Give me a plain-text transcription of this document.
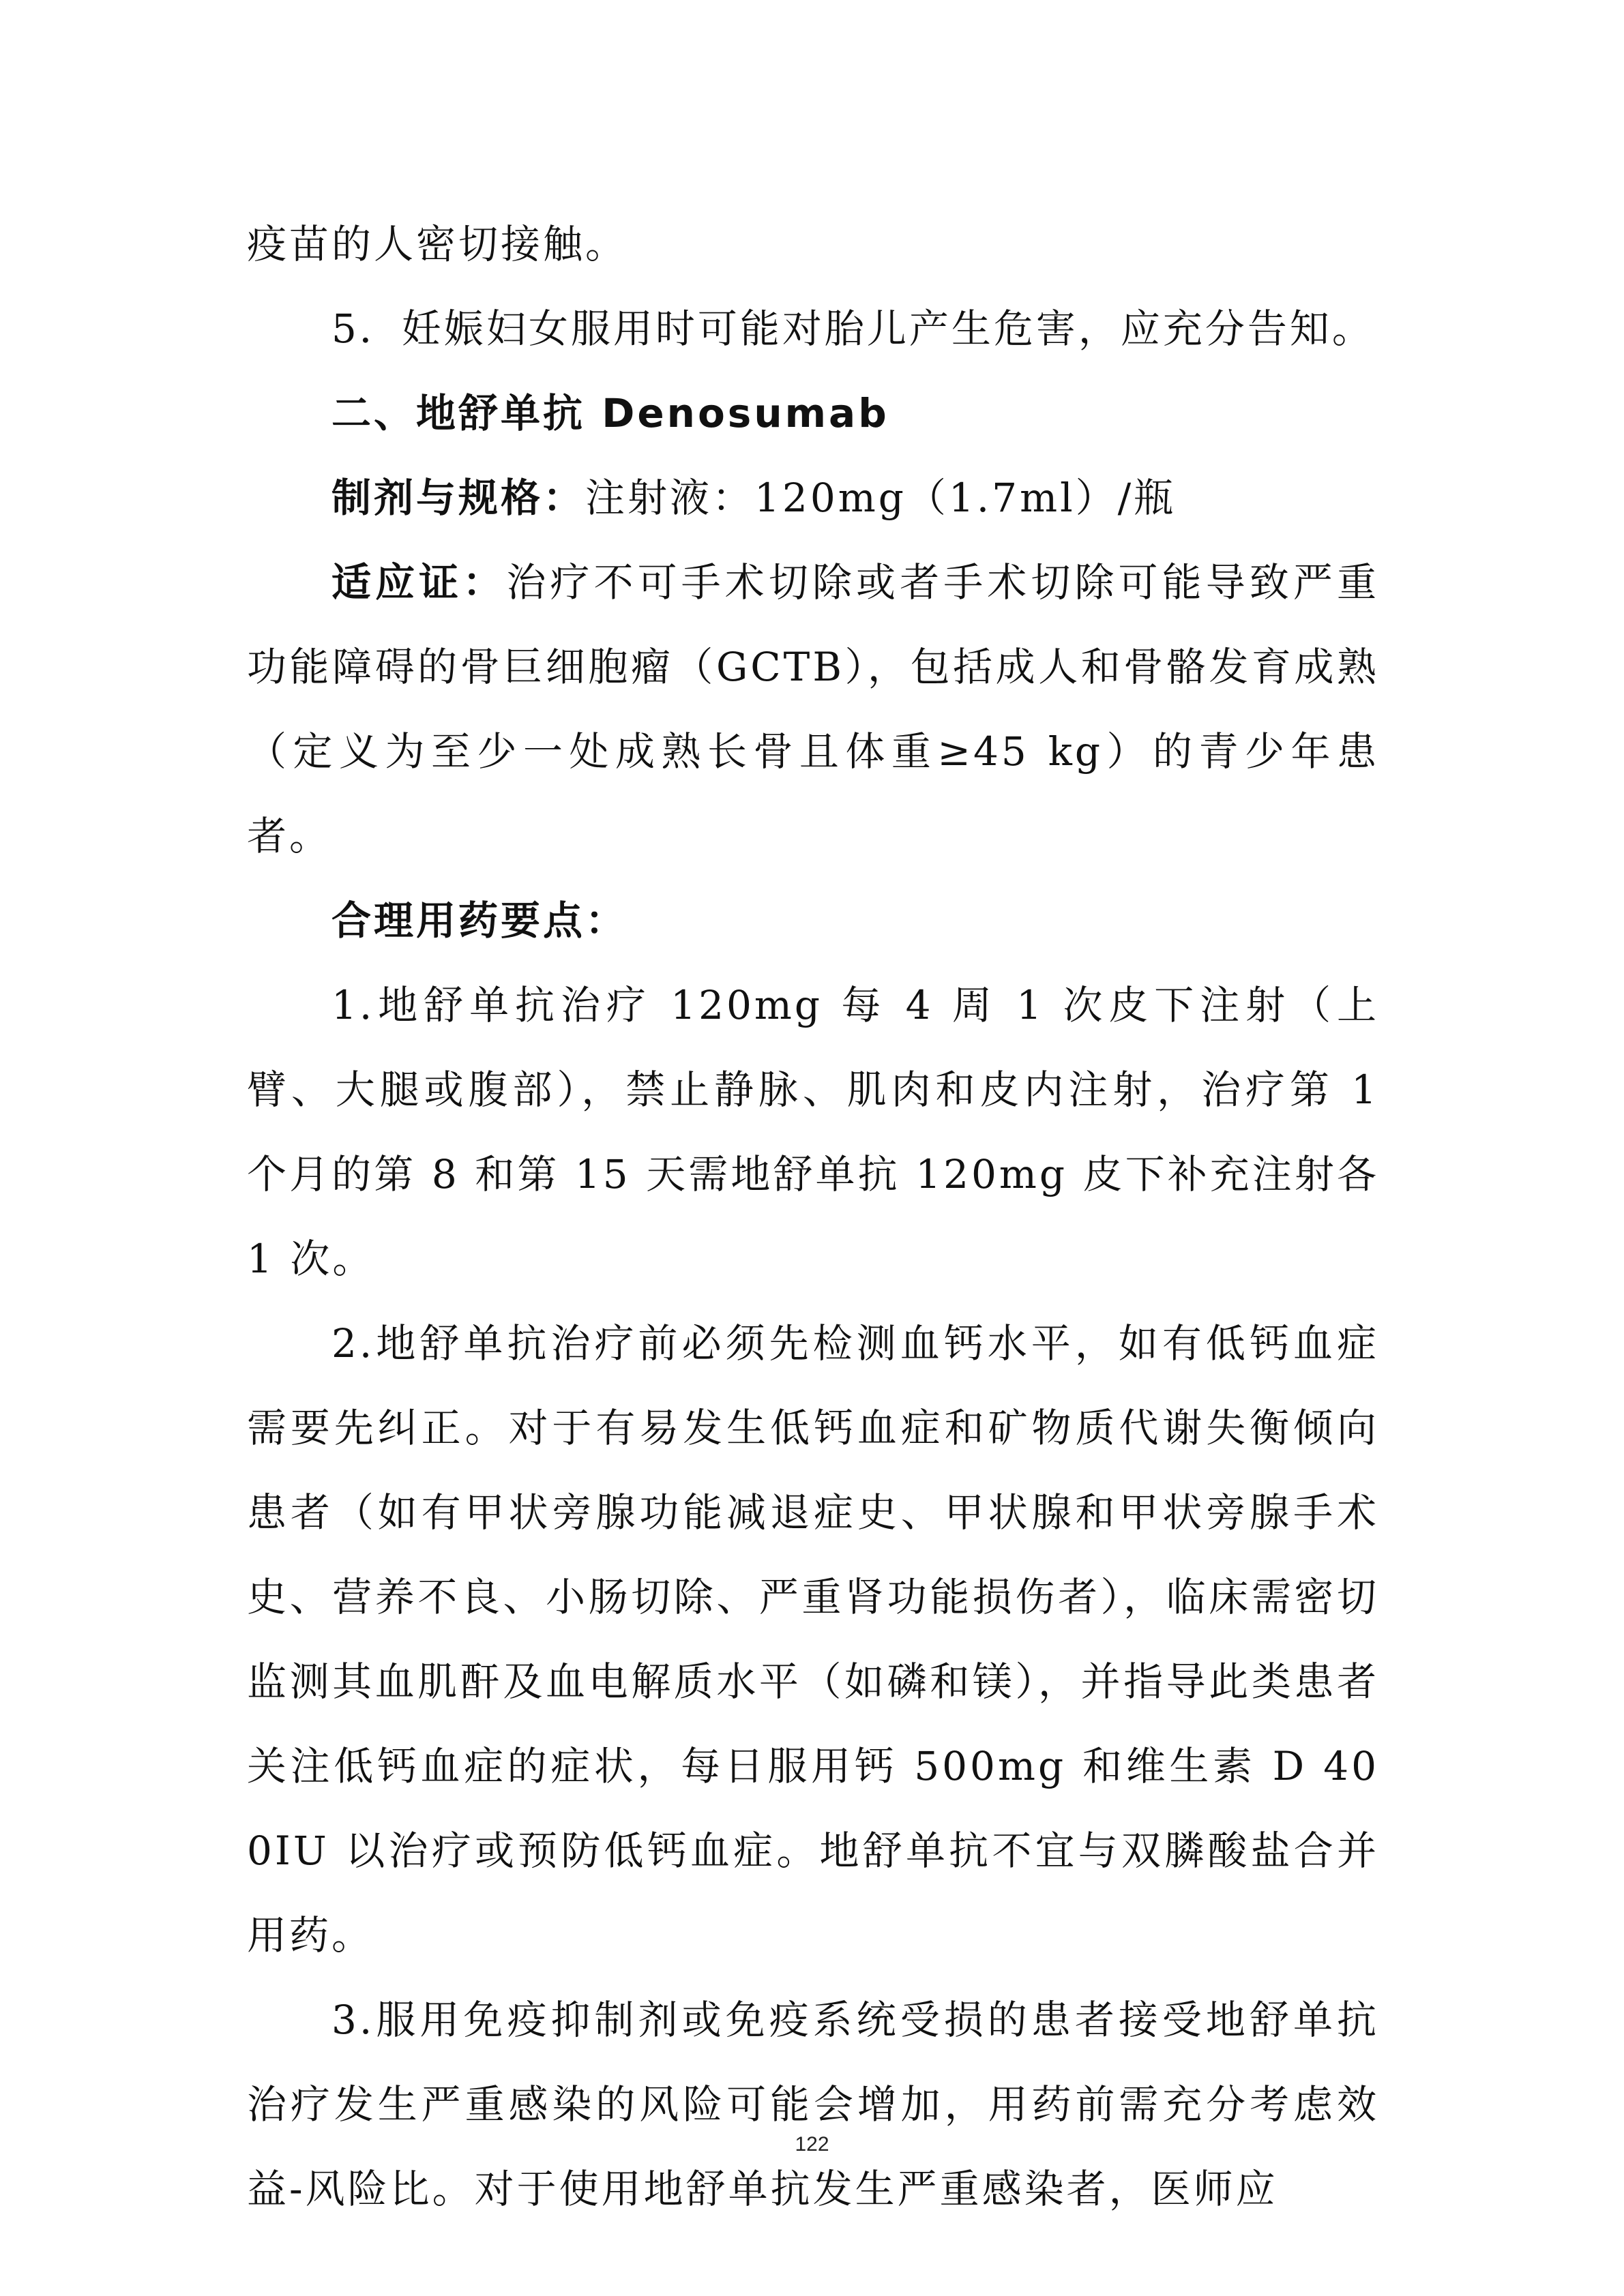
疫苗的人密切接触。

5．妊娠妇女服用时可能对胎儿产生危害，应充分告知。

二、地舒单抗 Denosumab

制剂与规格：注射液：120mg（1.7ml）/瓶

适应证：治疗不可手术切除或者手术切除可能导致严重功能障碍的骨巨细胞瘤（GCTB），包括成人和骨骼发育成熟（定义为至少一处成熟长骨且体重≥45 kg）的青少年患者。

合理用药要点：

1.地舒单抗治疗 120mg 每 4 周 1 次皮下注射（上臂、大腿或腹部），禁止静脉、肌肉和皮内注射，治疗第 1 个月的第 8 和第 15 天需地舒单抗 120mg 皮下补充注射各 1 次。

2.地舒单抗治疗前必须先检测血钙水平，如有低钙血症需要先纠正。对于有易发生低钙血症和矿物质代谢失衡倾向患者（如有甲状旁腺功能减退症史、甲状腺和甲状旁腺手术史、营养不良、小肠切除、严重肾功能损伤者），临床需密切监测其血肌酐及血电解质水平（如磷和镁），并指导此类患者关注低钙血症的症状，每日服用钙 500mg 和维生素 D 400IU 以治疗或预防低钙血症。地舒单抗不宜与双膦酸盐合并用药。

3.服用免疫抑制剂或免疫系统受损的患者接受地舒单抗治疗发生严重感染的风险可能会增加，用药前需充分考虑效益-风险比。对于使用地舒单抗发生严重感染者，医师应

122
